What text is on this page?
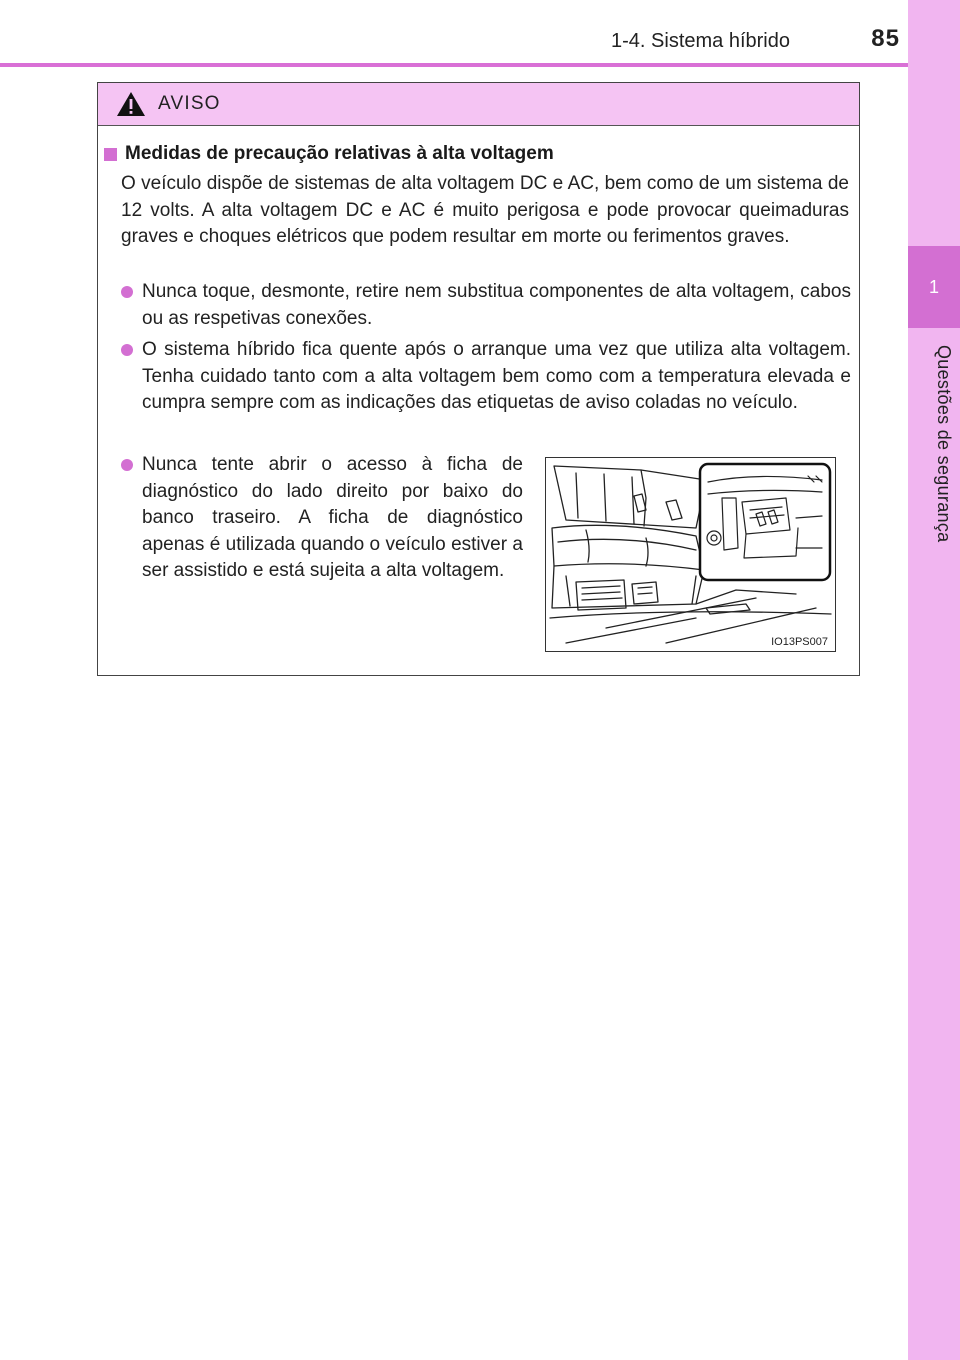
1-4. Sistema híbrido	85
1
Questões de segurança
AVISO
Medidas de precaução relativas à alta voltagem
O veículo dispõe de sistemas de alta voltagem DC e AC, bem como de um sistema de 12 volts. A alta voltagem DC e AC é muito perigosa e pode provocar queimaduras graves e choques elétricos que podem resultar em morte ou ferimentos graves.
Nunca toque, desmonte, retire nem substitua componentes de alta voltagem, cabos ou as respetivas conexões.
O sistema híbrido fica quente após o arranque uma vez que utiliza alta voltagem. Tenha cuidado tanto com a alta voltagem bem como com a temperatura elevada e cumpra sempre com as indicações das etiquetas de aviso coladas no veículo.
Nunca tente abrir o acesso à ficha de diagnóstico do lado direito por baixo do banco traseiro. A ficha de diagnóstico apenas é utilizada quando o veículo estiver a ser assistido e está sujeita a alta voltagem.
IO13PS007
